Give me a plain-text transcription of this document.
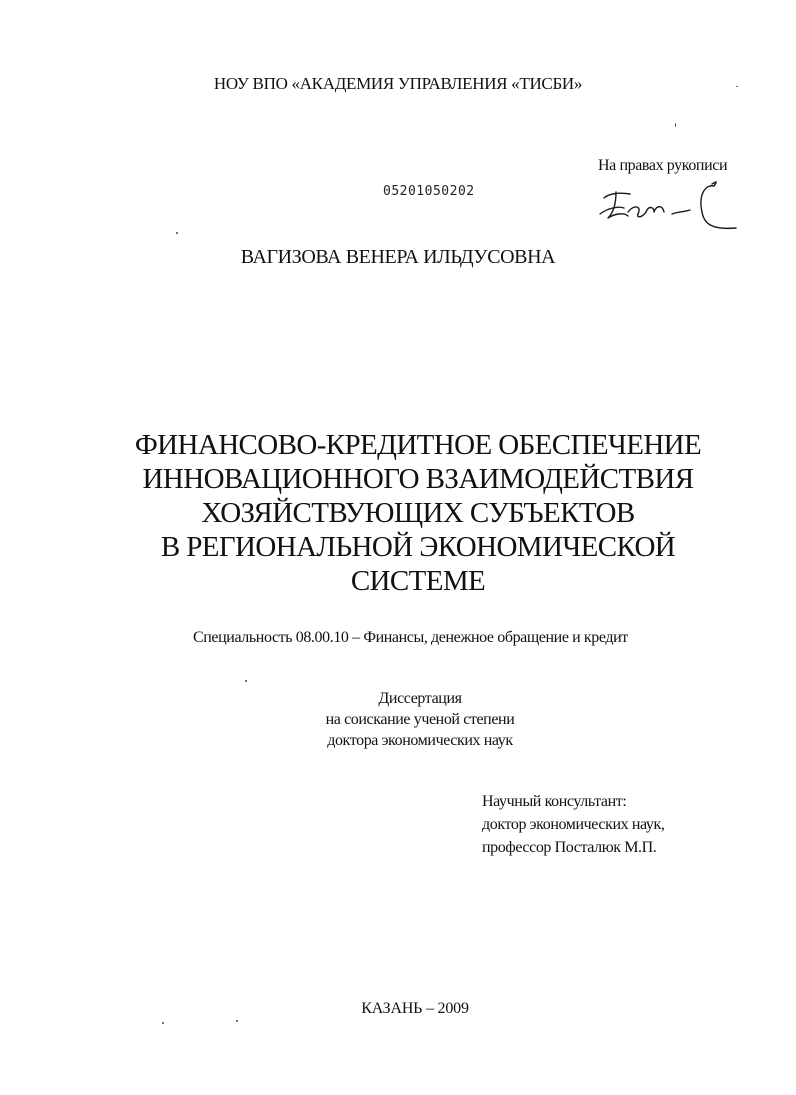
НОУ ВПО «АКАДЕМИЯ УПРАВЛЕНИЯ «ТИСБИ»
05201050202
На правах рукописи
ВАГИЗОВА ВЕНЕРА ИЛЬДУСОВНА
ФИНАНСОВО-КРЕДИТНОЕ ОБЕСПЕЧЕНИЕ
ИННОВАЦИОННОГО ВЗАИМОДЕЙСТВИЯ
ХОЗЯЙСТВУЮЩИХ СУБЪЕКТОВ
В РЕГИОНАЛЬНОЙ ЭКОНОМИЧЕСКОЙ
СИСТЕМЕ
Специальность 08.00.10 – Финансы, денежное обращение и кредит
Диссертация
на соискание ученой степени
доктора экономических наук
Научный консультант:
доктор экономических наук,
профессор Посталюк М.П.
КАЗАНЬ – 2009
